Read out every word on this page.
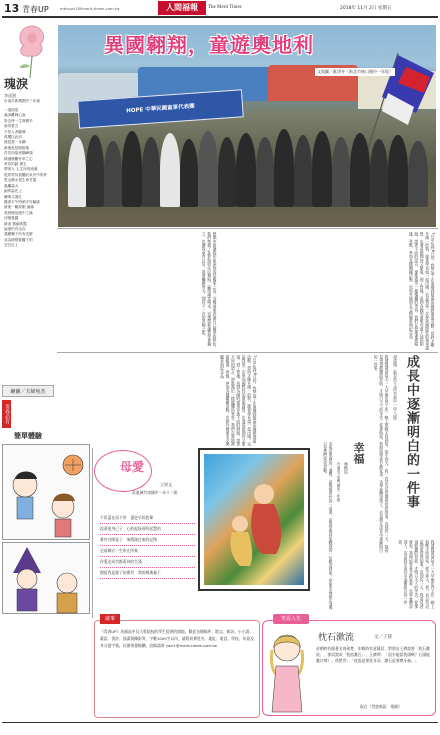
13 青春UP	mtnsurt180merit-times.com.tw	人間福報	The Merit Times	2018年 11月 2日 星期五
HOPE 中華民國童軍代表團
異國翱翔，童遊奧地利
文與圖／歐淨卉（新北市林口國中一年級）
瑰淚
李虎澍
台南市新興國中三年級
一道淚痕
滿身離刺心說
祭去時一生育嚼辛
那青誓言
不怕人者顧傷
孤獨以此活
誠是我一步翻
最後免是呢鋭葉
苦苦四原底鋼峰頭
稀謹懷顯杆申之心
育負的蹄 憲生
帶著人 人生所的流漢
從哥君恃孤觸於泉冷中的杯
思念淋水是生命甘露
風繼蕭大
細齊蕭在上
擁鳴又萬紅
隨著平午時碩平年輪跡
最後一顧淚眠 滴落
竟熟憶是眼中之痛
回憶看圓
綺浪 微細疼醫
偏邪仍有余存
我願贖下所有光鮮
成為綺橙繁觀下的
芸芸紅土	7月中旬到8月初，我參加了在奧地利舉辦的國際童軍活動，當時才剛升國一的我，跟著學長姐一起出國。這是我第一次參加國際性的童軍露營，出發前既期待又緊張。到了營地，看到各國的童軍穿著不同的制服，說著不同的語言，卻都露出一樣燦爛的笑容。我們在營地裡搭帳篷、煮飯、參加各種闖關活動，也和外國朋友交換徽章與紀念品。
營期中最讓我印象深刻的是國家之夜，各國童軍表演自己國家的特色，我們準備了扯鈴與原住民舞蹈，贏得滿堂喝采。這趟旅程讓我學會獨立，也讓我更有自信，我會繼續努力，期待下一次的異國之旅。
成長中逐漸明白的一件事
胡彥翔（新北市立清水高中一年八班）
我發覺爸爸每天一大早便出門工作，晚上很晚才回到家，從小到大，我一直以為這是理所當然的事。直到有一天，我看見爸爸疲憊的背影，才明白大人的辛苦。從那時起，我開始學著分擔家事，也學會體諒別人，這是我在成長中逐漸明白的一件事。
我發覺爸爸每天一大早便出門工作，晚上很晚才回到家，從小到大，我一直以為這是理所當然的事。直到有一天，我看見爸爸疲憊的背影，才明白大人的辛苦。從那時起，我開始學著分擔家事，也學會體諒別人，這是我在成長中逐漸明白的一件事。
幸福
林楷宸
台南市立北門國中二年級
幸福是家裡的一盞燈，是媽媽煮好的一桌菜，是放學後回家聽到的一句歡迎回來。原來幸福就在身邊，只是我們常常忽略。
7月中旬到8月初，我參加了在奧地利舉辦的國際童軍活動，當時才剛升國一的我，跟著學長姐一起出國。這是我第一次參加國際性的童軍露營，出發前既期待又緊張。到了營地，看到各國的童軍穿著不同的制服，說著不同的語言，卻都露出一樣燦爛的笑容。我們在營地裡搭帳篷、煮飯、參加各種闖關活動，也和外國朋友交換徽章與紀念品。
繪圖／夫婦宛杰
青春必有
簡單體驗
母愛
王妍文
苗栗縣竹南國中一年十二班
不但蓋在雨不停　還更早的您輩
流著他身已子　心的起接看明起慧的
番有付隊是子　來戲湖住來的記慢
也前縣衣一生所在所來
你愛走成功都看你的生漢
創祖我是童子的番背　我的桃媽養子
啟事
《青春UP》為國高中及大專院校的學生提供的園地，歡迎各類稿件：散文、新詩、小小說、畫語、書評、插畫與攝影等，字數1000字以內，請附真實姓名、地址、電話、學校、年級及身分證字號，以便寄發稿酬。投稿請寄 ywn1@merit-times.com.tw
笑看人生
枕石漱流	文／子晨
晉朝時有個著名的孫楚，年輕時有意隱居，對朋友王濟說要「枕石漱流」，卻誤說成「枕流漱石」。王濟問：「流水能當枕頭嗎？石頭能漱口嗎？」孫楚答：「枕流是要洗耳朵，漱石是要磨牙齒。」
取自《世說新語．排調》
